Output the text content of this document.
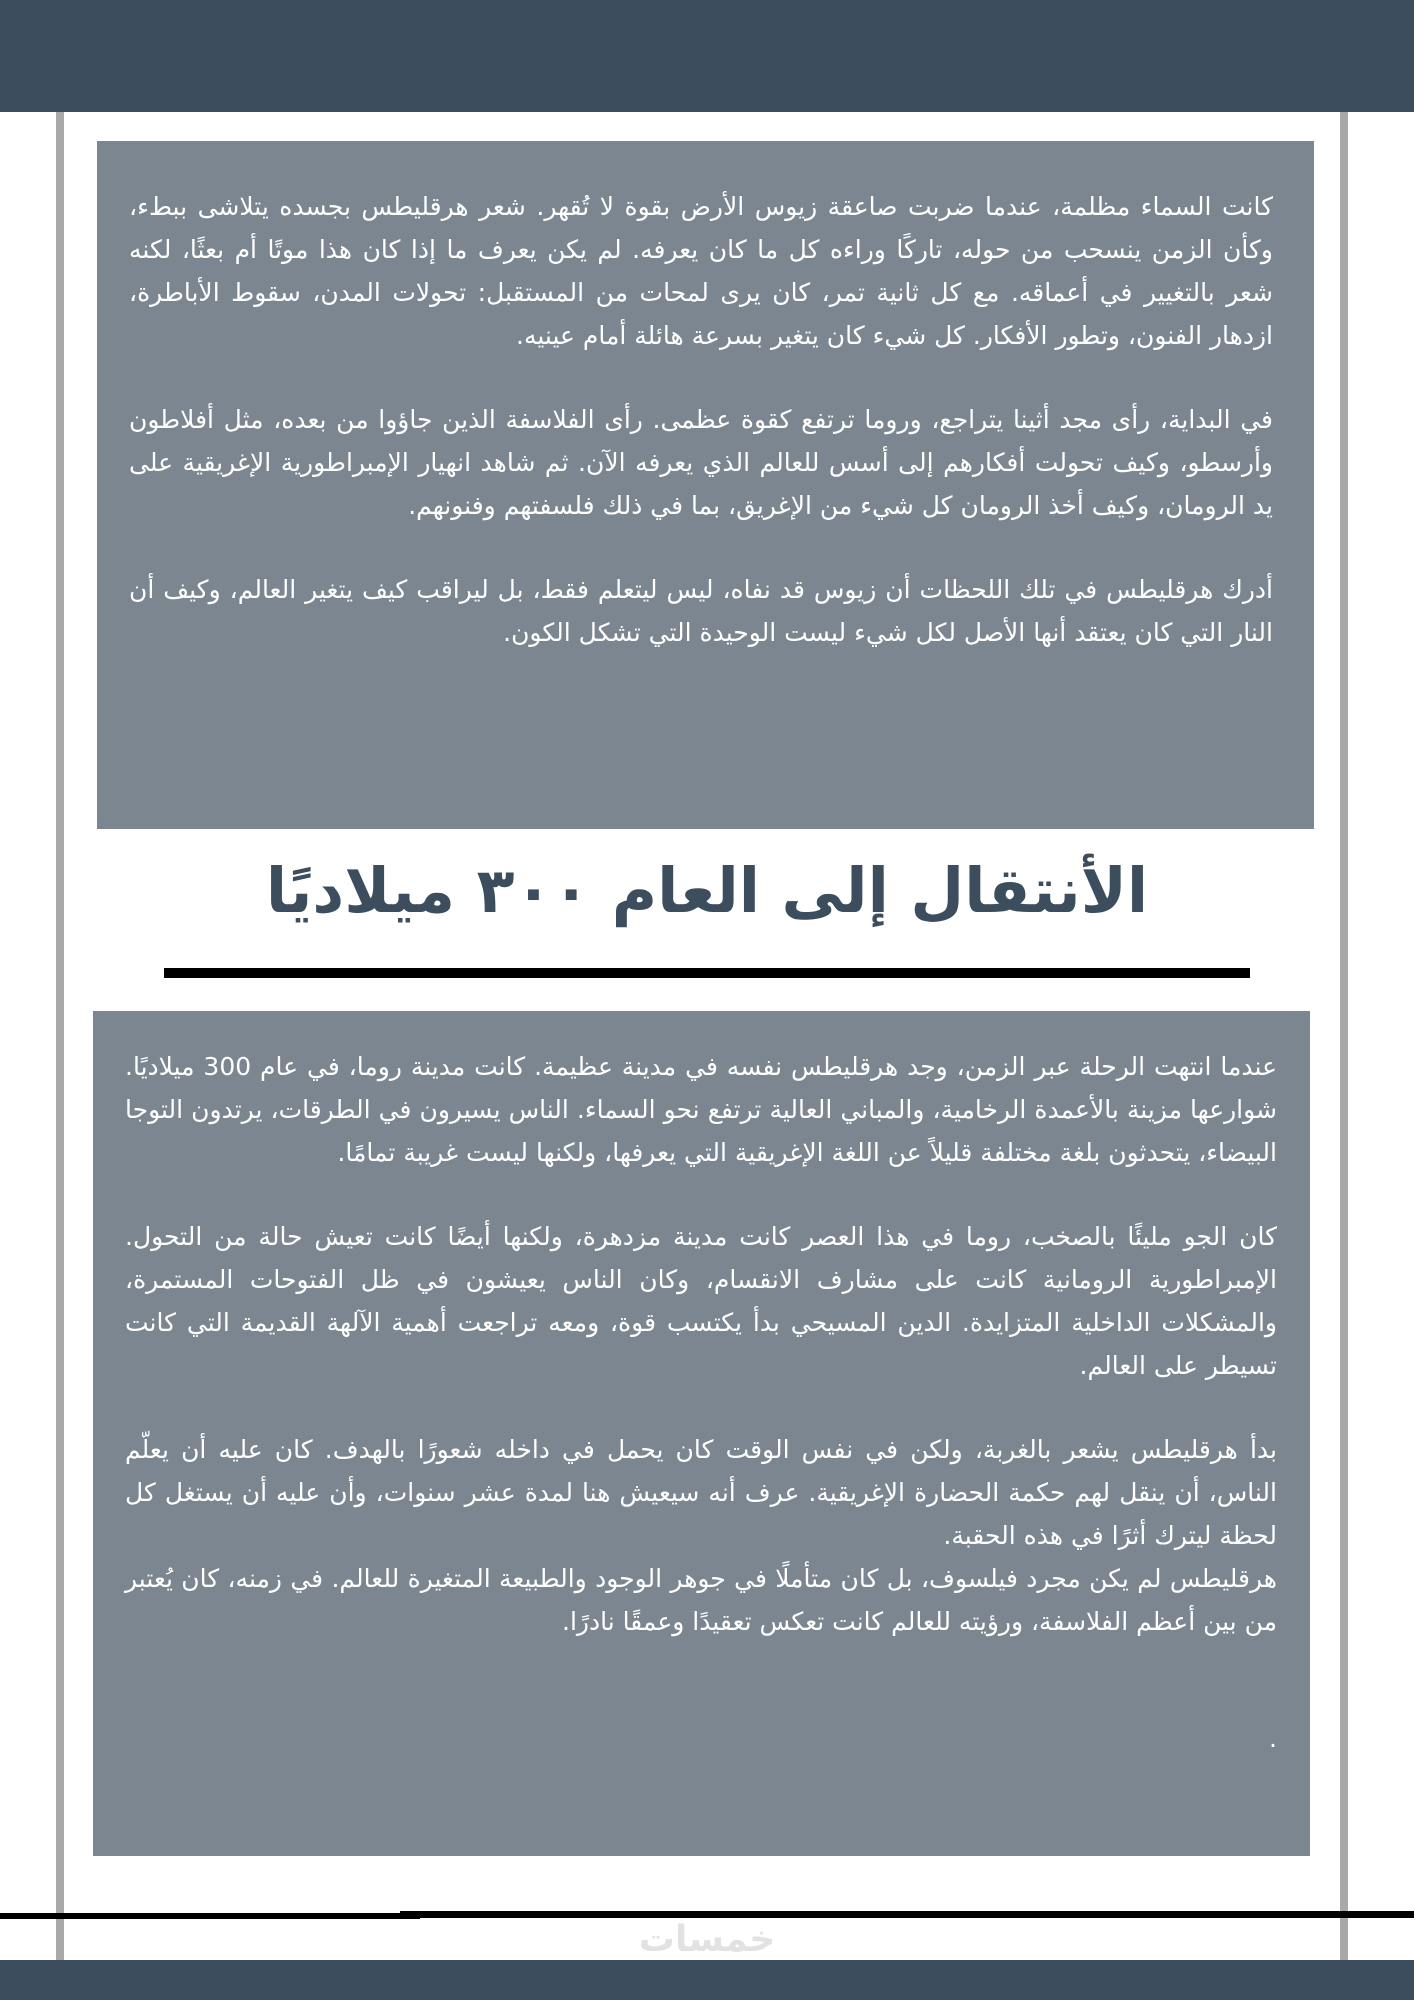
كانت السماء مظلمة، عندما ضربت صاعقة زيوس الأرض بقوة لا تُقهر. شعر هرقليطس بجسده يتلاشى ببطء، وكأن الزمن ينسحب من حوله، تاركًا وراءه كل ما كان يعرفه. لم يكن يعرف ما إذا كان هذا موتًا أم بعثًا، لكنه شعر بالتغيير في أعماقه. مع كل ثانية تمر، كان يرى لمحات من المستقبل: تحولات المدن، سقوط الأباطرة، ازدهار الفنون، وتطور الأفكار. كل شيء كان يتغير بسرعة هائلة أمام عينيه.

في البداية، رأى مجد أثينا يتراجع، وروما ترتفع كقوة عظمى. رأى الفلاسفة الذين جاؤوا من بعده، مثل أفلاطون وأرسطو، وكيف تحولت أفكارهم إلى أسس للعالم الذي يعرفه الآن. ثم شاهد انهيار الإمبراطورية الإغريقية على يد الرومان، وكيف أخذ الرومان كل شيء من الإغريق، بما في ذلك فلسفتهم وفنونهم.

أدرك هرقليطس في تلك اللحظات أن زيوس قد نفاه، ليس ليتعلم فقط، بل ليراقب كيف يتغير العالم، وكيف أن النار التي كان يعتقد أنها الأصل لكل شيء ليست الوحيدة التي تشكل الكون.

الأنتقال إلى العام ٣٠٠ ميلاديًا

عندما انتهت الرحلة عبر الزمن، وجد هرقليطس نفسه في مدينة عظيمة. كانت مدينة روما، في عام 300 ميلاديًا. شوارعها مزينة بالأعمدة الرخامية، والمباني العالية ترتفع نحو السماء. الناس يسيرون في الطرقات، يرتدون التوجا البيضاء، يتحدثون بلغة مختلفة قليلاً عن اللغة الإغريقية التي يعرفها، ولكنها ليست غريبة تمامًا.

كان الجو مليئًا بالصخب، روما في هذا العصر كانت مدينة مزدهرة، ولكنها أيضًا كانت تعيش حالة من التحول. الإمبراطورية الرومانية كانت على مشارف الانقسام، وكان الناس يعيشون في ظل الفتوحات المستمرة، والمشكلات الداخلية المتزايدة. الدين المسيحي بدأ يكتسب قوة، ومعه تراجعت أهمية الآلهة القديمة التي كانت تسيطر على العالم.

بدأ هرقليطس يشعر بالغربة، ولكن في نفس الوقت كان يحمل في داخله شعورًا بالهدف. كان عليه أن يعلّم الناس، أن ينقل لهم حكمة الحضارة الإغريقية. عرف أنه سيعيش هنا لمدة عشر سنوات، وأن عليه أن يستغل كل لحظة ليترك أثرًا في هذه الحقبة.

هرقليطس لم يكن مجرد فيلسوف، بل كان متأملًا في جوهر الوجود والطبيعة المتغيرة للعالم. في زمنه، كان يُعتبر من بين أعظم الفلاسفة، ورؤيته للعالم كانت تعكس تعقيدًا وعمقًا نادرًا.

.

خمسات
